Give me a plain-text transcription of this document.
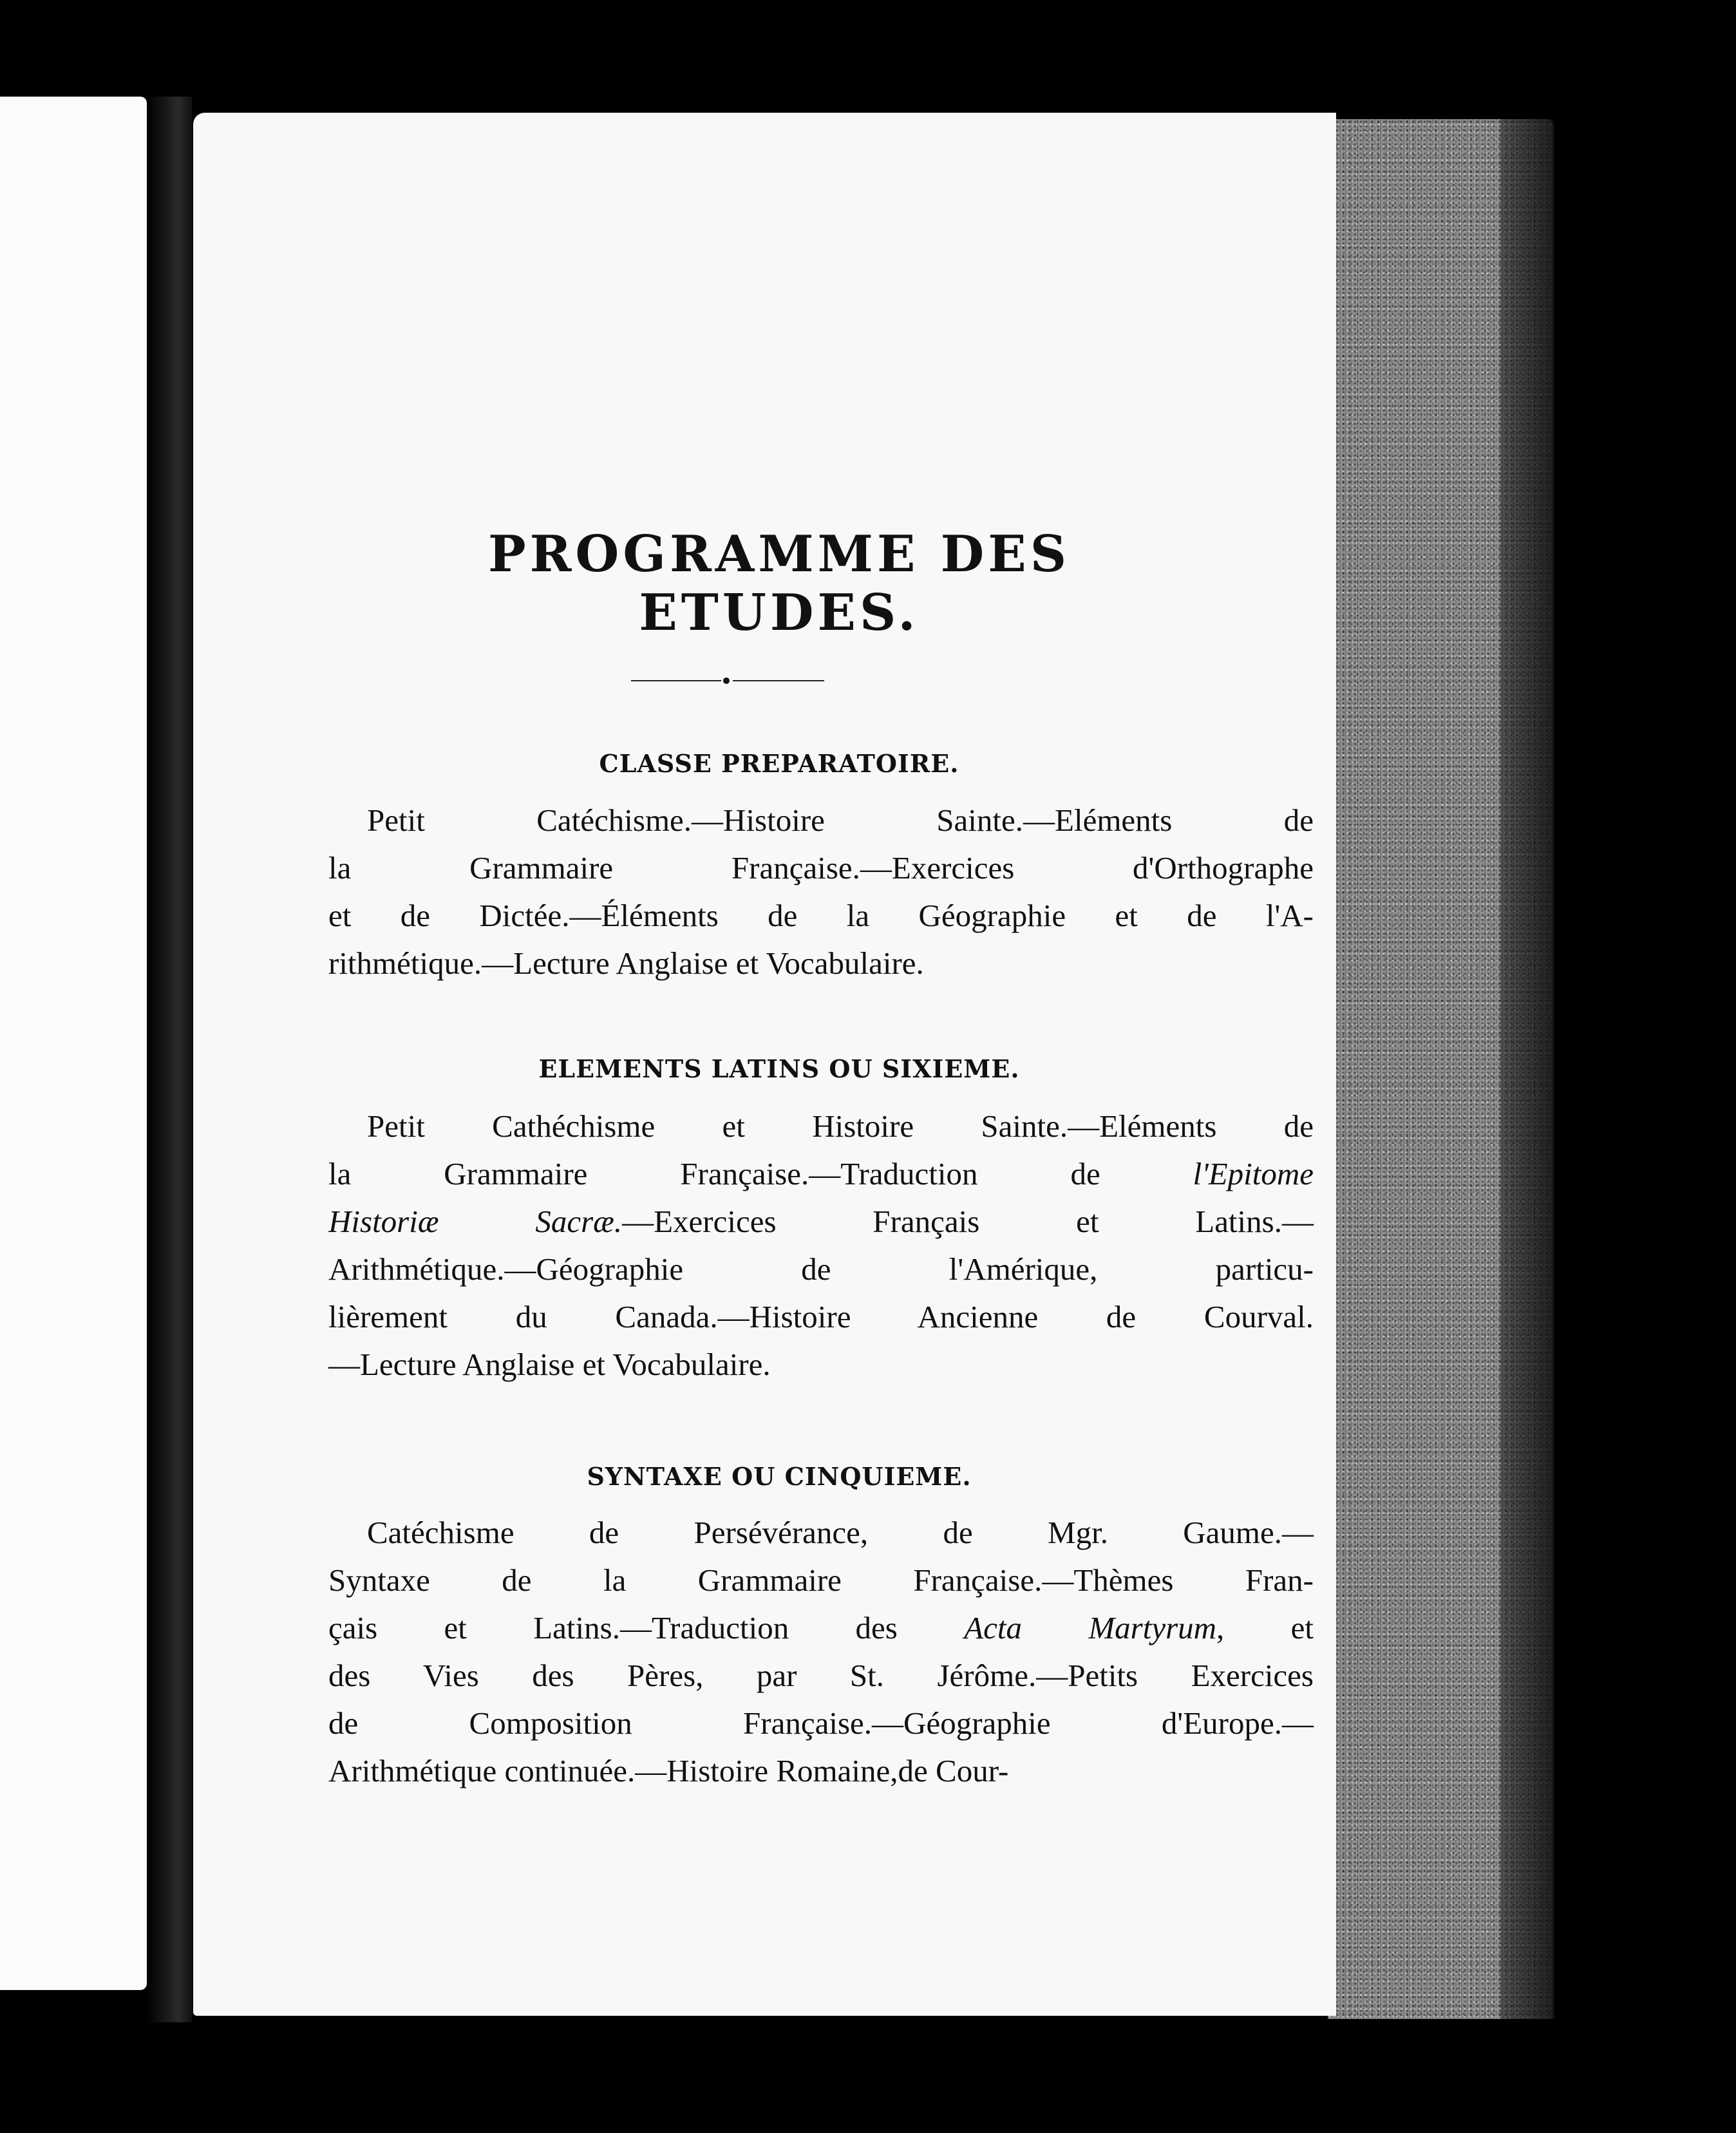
PROGRAMME DES ETUDES.
CLASSE PREPARATOIRE.

Petit Catéchisme.—Histoire Sainte.—Eléments de
la Grammaire Française.—Exercices d'Orthographe
et de Dictée.—Éléments de la Géographie et de l'A-
rithmétique.—Lecture Anglaise et Vocabulaire.

ELEMENTS LATINS OU SIXIEME.

Petit Cathéchisme et Histoire Sainte.—Eléments de
la Grammaire Française.—Traduction de l'Epitome
Historiæ Sacræ.—Exercices Français et Latins.—
Arithmétique.—Géographie de l'Amérique, particu-
lièrement du Canada.—Histoire Ancienne de Courval.
—Lecture Anglaise et Vocabulaire.

SYNTAXE OU CINQUIEME.

Catéchisme de Persévérance, de Mgr. Gaume.—
Syntaxe de la Grammaire Française.—Thèmes Fran-
çais et Latins.—Traduction des Acta Martyrum, et
des Vies des Pères, par St. Jérôme.—Petits Exercices
de Composition Française.—Géographie d'Europe.—
Arithmétique continuée.—Histoire Romaine,de Cour-
